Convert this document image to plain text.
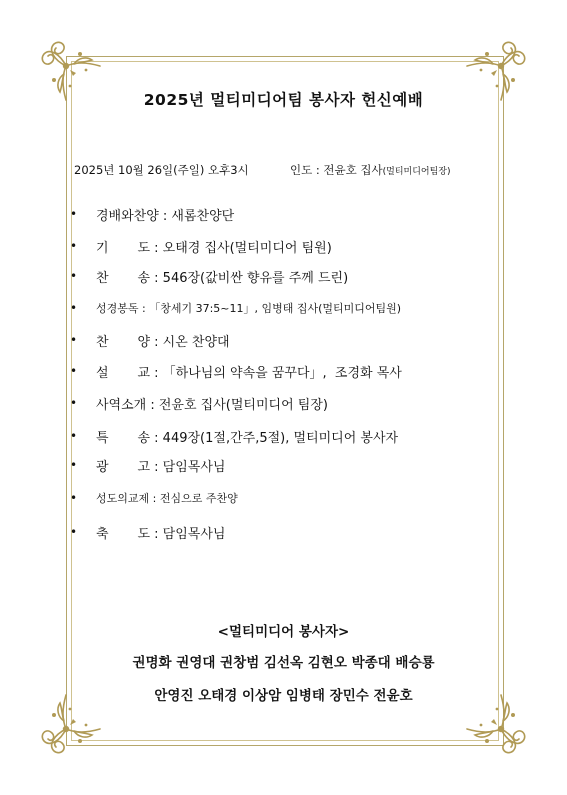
2025년 멀티미디어팀 봉사자 헌신예배
2025년 10월 26일(주일) 오후3시	인도 : 전윤호 집사(멀티미디어팀장)
•	경배와찬양 : 새롬찬양단
•	기       도 : 오태경 집사(멀티미디어 팀원)
•	찬       송 : 546장(값비싼 향유를 주께 드린)
•	성경봉독 : 「창세기 37:5~11」, 임병태 집사(멀티미디어팀원)
•	찬       양 : 시온 찬양대
•	설       교 : 「하나님의 약속을 꿈꾸다」,  조경화 목사
•	사역소개 : 전윤호 집사(멀티미디어 팀장)
•	특       송 : 449장(1절,간주,5절), 멀티미디어 봉사자
•	광       고 : 담임목사님
•	성도의교제 : 전심으로 주찬양
•	축       도 : 담임목사님
<멀티미디어 봉사자>
권명화 권영대 권창범 김선옥 김현오 박종대 배승룡
안영진 오태경 이상암 임병태 장민수 전윤호
